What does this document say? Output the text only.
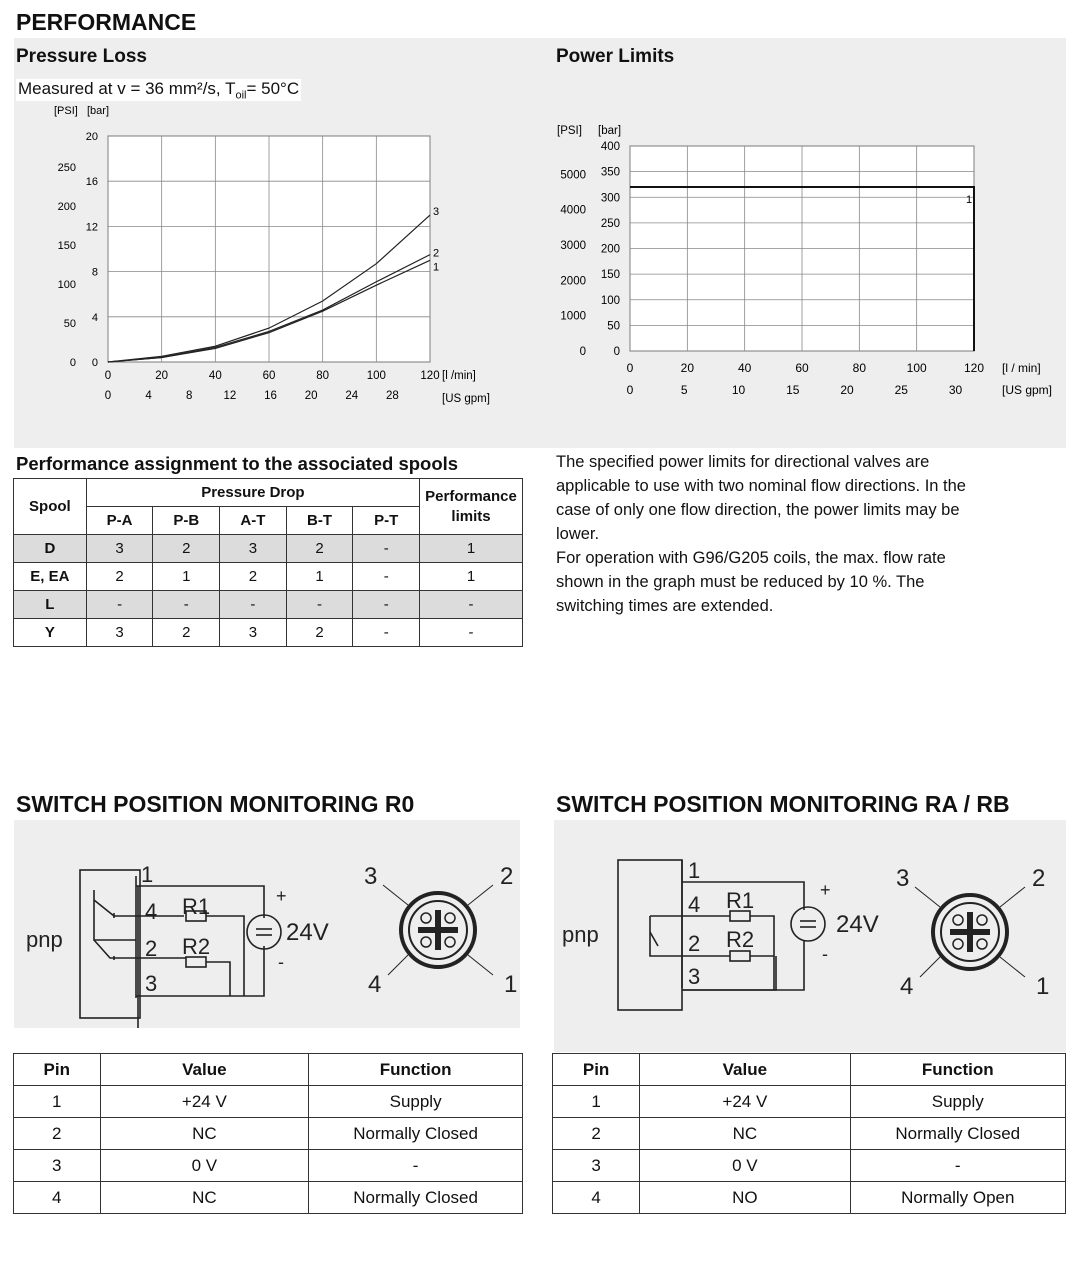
PERFORMANCE
Pressure Loss
Measured at v = 36 mm²/s, $T_{oil}= 50^\circ C$
Power Limits
0	20	40	60	80	100	120
0
4
8
12
16
20
0
50
100
150
200
250
0	4	8	12 16 20 24 28
[PSI] [bar]
[l /min]
[US gpm]
1
2
3
0	20	40	60	80	100	120
0
50
100
150
200
250
300
350
400
0
1000
2000
3000
4000
5000
0	5	10	15	20	25	30
[PSI] [bar]
[l / min]
[US gpm]
1
Performance assignment to the associated spools
Spool	Pressure Drop					Performance
limits
	P-A	P-B	A-T	B-T	P-T	
D	3	2	3	2	-	1
E, EA	2	1	2	1	-	1
L	-	-	-	-	-	-
Y	3	2	3	2	-	-
The specified power limits for directional valves are
applicable to use with two nominal flow directions. In the
case of only one flow direction, the power limits may be
lower.
For operation with G96/G205 coils, the max. flow rate
shown in the graph must be reduced by 10 %. The
switching times are extended.
SWITCH POSITION MONITORING R0	SWITCH POSITION MONITORING RA / RB
pnp
1
4
2
3
R1
R2
+
-
24V
3	2
4	1
pnp
1
4
2
3
R1
R2
+
-
24V
3	2
4	1
Pin	Value	Function
1	+24 V	Supply
2	NC	Normally Closed
3	0 V	-
4	NC	Normally Closed
Pin	Value	Function
1	+24 V	Supply
2	NC	Normally Closed
3	0 V	-
4	NO	Normally Open
